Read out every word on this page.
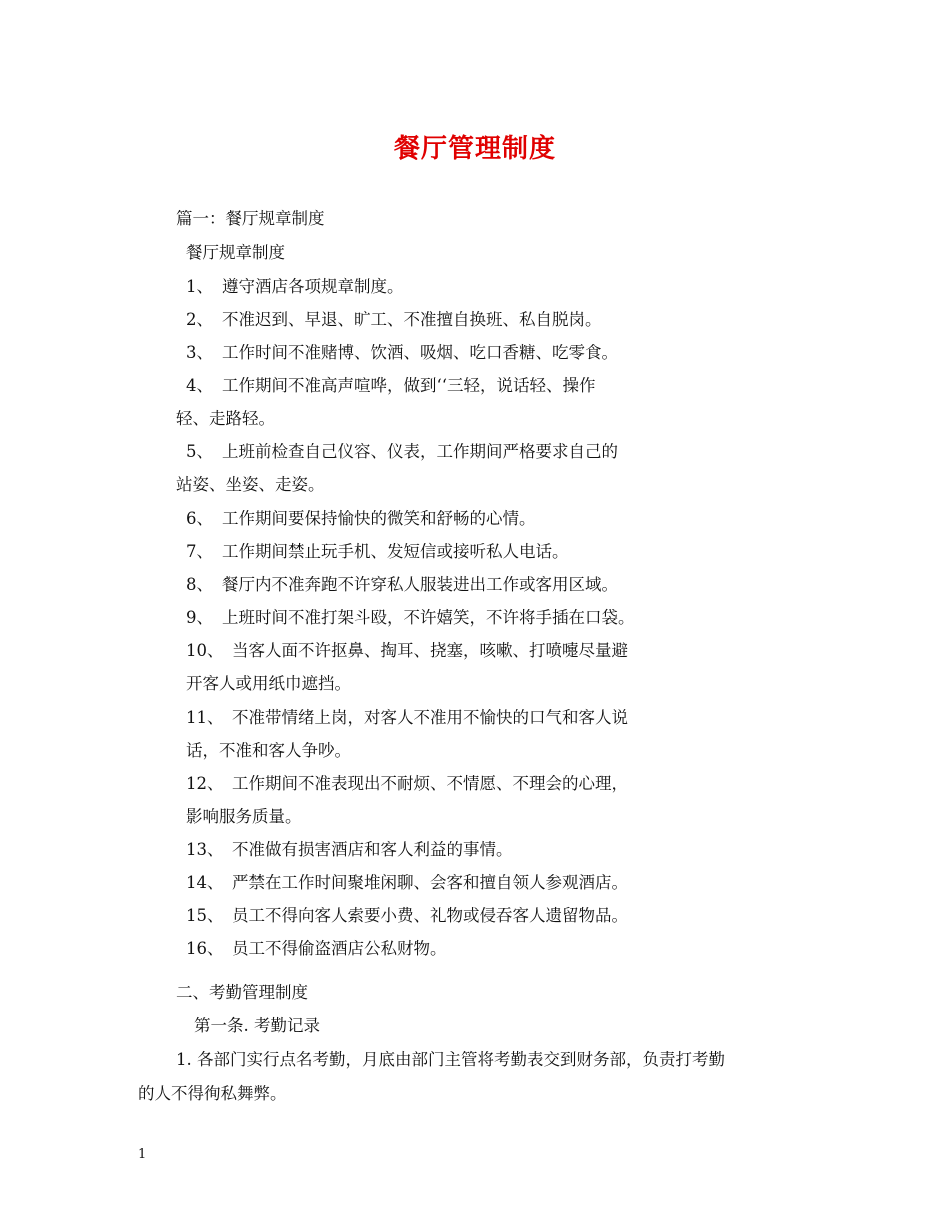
餐厅管理制度
篇一：餐厅规章制度
餐厅规章制度
1、 遵守酒店各项规章制度。
2、 不准迟到、早退、旷工、不准擅自换班、私自脱岗。
3、 工作时间不准赌博、饮酒、吸烟、吃口香糖、吃零食。
4、 工作期间不准高声喧哗，做到‘‘三轻，说话轻、操作
轻、走路轻。
5、 上班前检查自己仪容、仪表，工作期间严格要求自己的
站姿、坐姿、走姿。
6、 工作期间要保持愉快的微笑和舒畅的心情。
7、 工作期间禁止玩手机、发短信或接听私人电话。
8、 餐厅内不准奔跑不许穿私人服装进出工作或客用区域。
9、 上班时间不准打架斗殴，不许嬉笑，不许将手插在口袋。
10、 当客人面不许抠鼻、掏耳、挠塞，咳嗽、打喷嚏尽量避
开客人或用纸巾遮挡。
11、 不准带情绪上岗，对客人不准用不愉快的口气和客人说
话，不准和客人争吵。
12、 工作期间不准表现出不耐烦、不情愿、不理会的心理，
影响服务质量。
13、 不准做有损害酒店和客人利益的事情。
14、 严禁在工作时间聚堆闲聊、会客和擅自领人参观酒店。
15、 员工不得向客人索要小费、礼物或侵吞客人遗留物品。
16、 员工不得偷盗酒店公私财物。
二、考勤管理制度
第一条. 考勤记录
1. 各部门实行点名考勤，月底由部门主管将考勤表交到财务部，负责打考勤
的人不得徇私舞弊。
1
